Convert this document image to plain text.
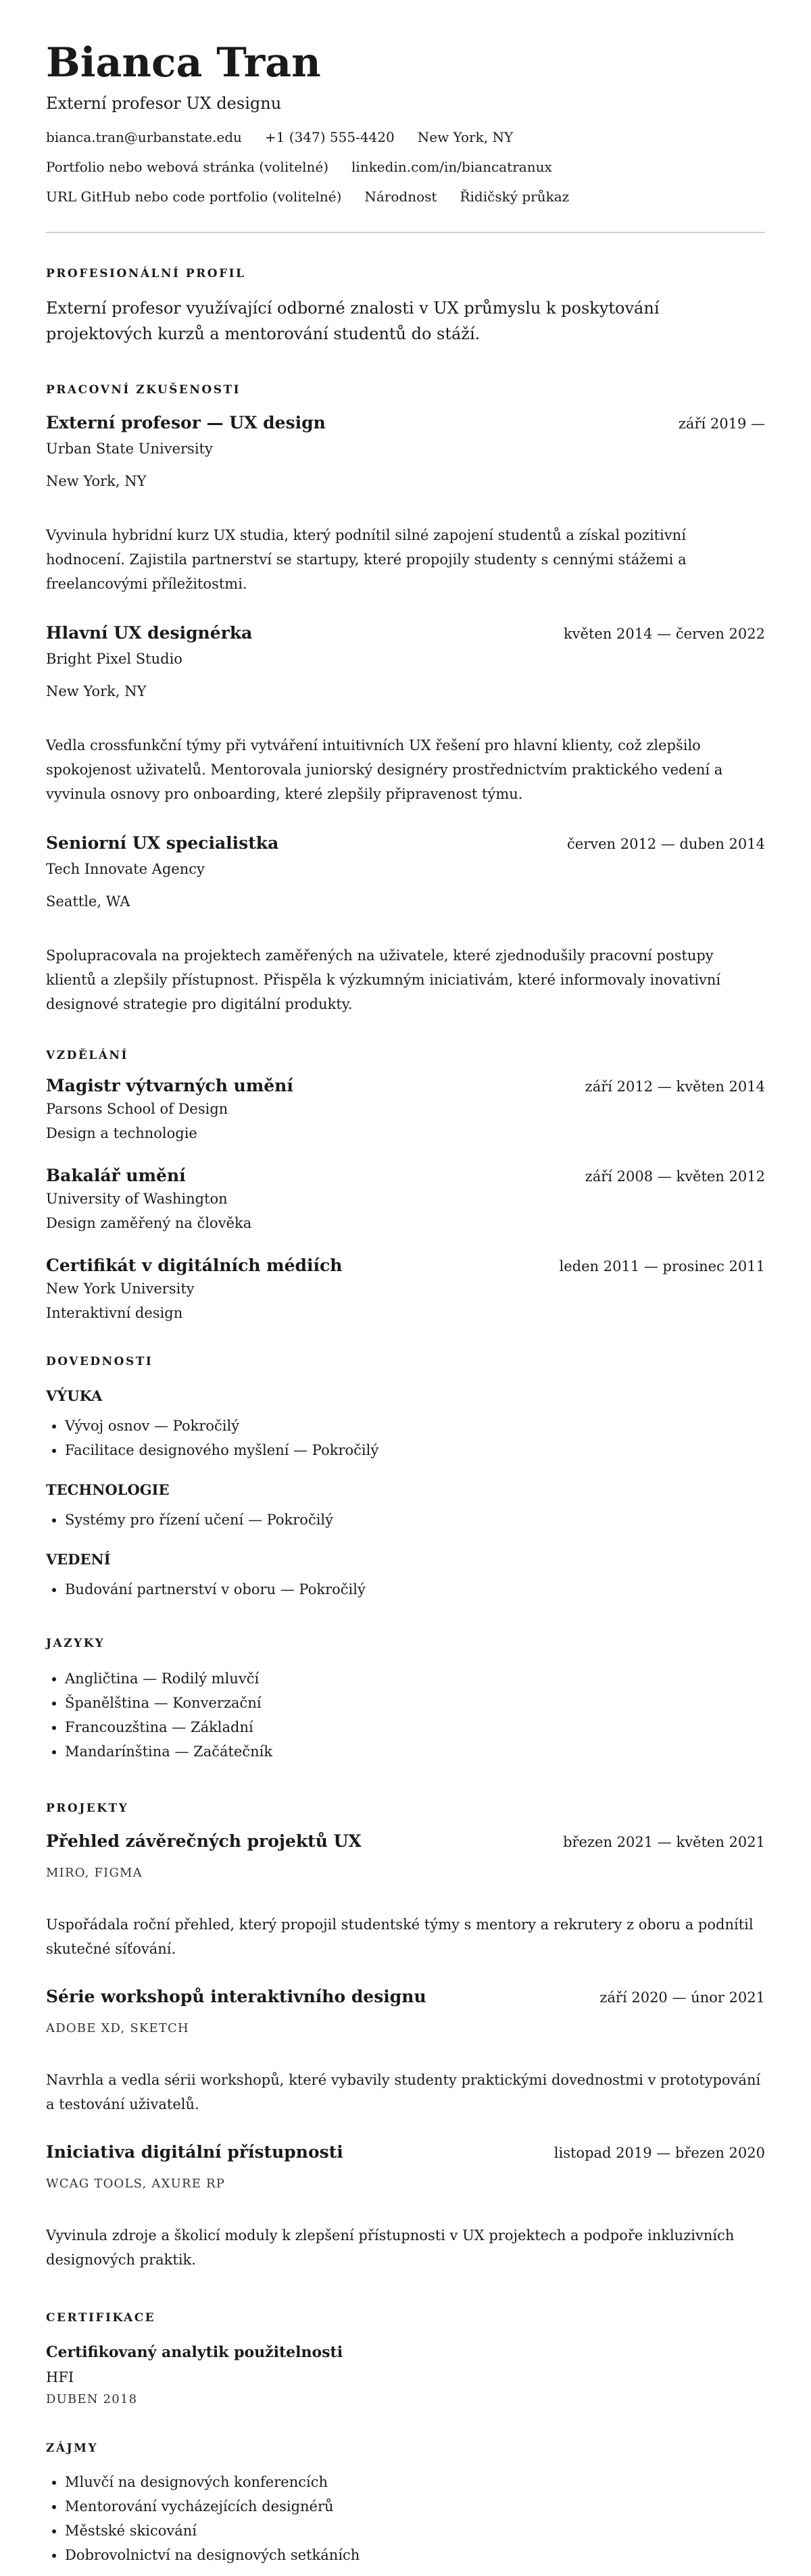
Bianca Tran
Externí profesor UX designu
bianca.tran@urbanstate.edu +1 (347) 555-4420 New York, NY
Portfolio nebo webová stránka (volitelné) linkedin.com/in/biancatranux
URL GitHub nebo code portfolio (volitelné) Národnost Řidičský průkaz
PROFESIONÁLNÍ PROFIL

Externí profesor využívající odborné znalosti v UX průmyslu k poskytování projektových kurzů a mentorování studentů do stáží.

PRACOVNÍ ZKUŠENOSTI
Externí profesor — UX design	září 2019 —
Urban State University
New York, NY
Vyvinula hybridní kurz UX studia, který podnítil silné zapojení studentů a získal pozitivní hodnocení. Zajistila partnerství se startupy, které propojily studenty s cennými stážemi a freelancovými příležitostmi.
Hlavní UX designérka	květen 2014 — červen 2022
Bright Pixel Studio
New York, NY
Vedla crossfunkční týmy při vytváření intuitivních UX řešení pro hlavní klienty, což zlepšilo spokojenost uživatelů. Mentorovala juniorský designéry prostřednictvím praktického vedení a vyvinula osnovy pro onboarding, které zlepšily připravenost týmu.
Seniorní UX specialistka	červen 2012 — duben 2014
Tech Innovate Agency
Seattle, WA
Spolupracovala na projektech zaměřených na uživatele, které zjednodušily pracovní postupy klientů a zlepšily přístupnost. Přispěla k výzkumným iniciativám, které informovaly inovativní designové strategie pro digitální produkty.
VZDĚLÁNÍ
Magistr výtvarných umění	září 2012 — květen 2014
Parsons School of Design
Design a technologie
Bakalář umění	září 2008 — květen 2012
University of Washington
Design zaměřený na člověka
Certifikát v digitálních médiích	leden 2011 — prosinec 2011
New York University
Interaktivní design
DOVEDNOSTI
VÝUKA
• Vývoj osnov — Pokročilý
• Facilitace designového myšlení — Pokročilý
TECHNOLOGIE
• Systémy pro řízení učení — Pokročilý
VEDENÍ
• Budování partnerství v oboru — Pokročilý
JAZYKY
• Angličtina — Rodilý mluvčí
• Španělština — Konverzační
• Francouzština — Základní
• Mandarínština — Začátečník
PROJEKTY
Přehled závěrečných projektů UX	březen 2021 — květen 2021
MIRO, FIGMA
Uspořádala roční přehled, který propojil studentské týmy s mentory a rekrutery z oboru a podnítil skutečné síťování.
Série workshopů interaktivního designu	září 2020 — únor 2021
ADOBE XD, SKETCH
Navrhla a vedla sérii workshopů, které vybavily studenty praktickými dovednostmi v prototypování a testování uživatelů.
Iniciativa digitální přístupnosti	listopad 2019 — březen 2020
WCAG TOOLS, AXURE RP
Vyvinula zdroje a školicí moduly k zlepšení přístupnosti v UX projektech a podpoře inkluzivních designových praktik.
CERTIFIKACE
Certifikovaný analytik použitelnosti
HFI
DUBEN 2018
ZÁJMY
• Mluvčí na designových konferencích
• Mentorování vycházejících designérů
• Městské skicování
• Dobrovolnictví na designových setkáních
